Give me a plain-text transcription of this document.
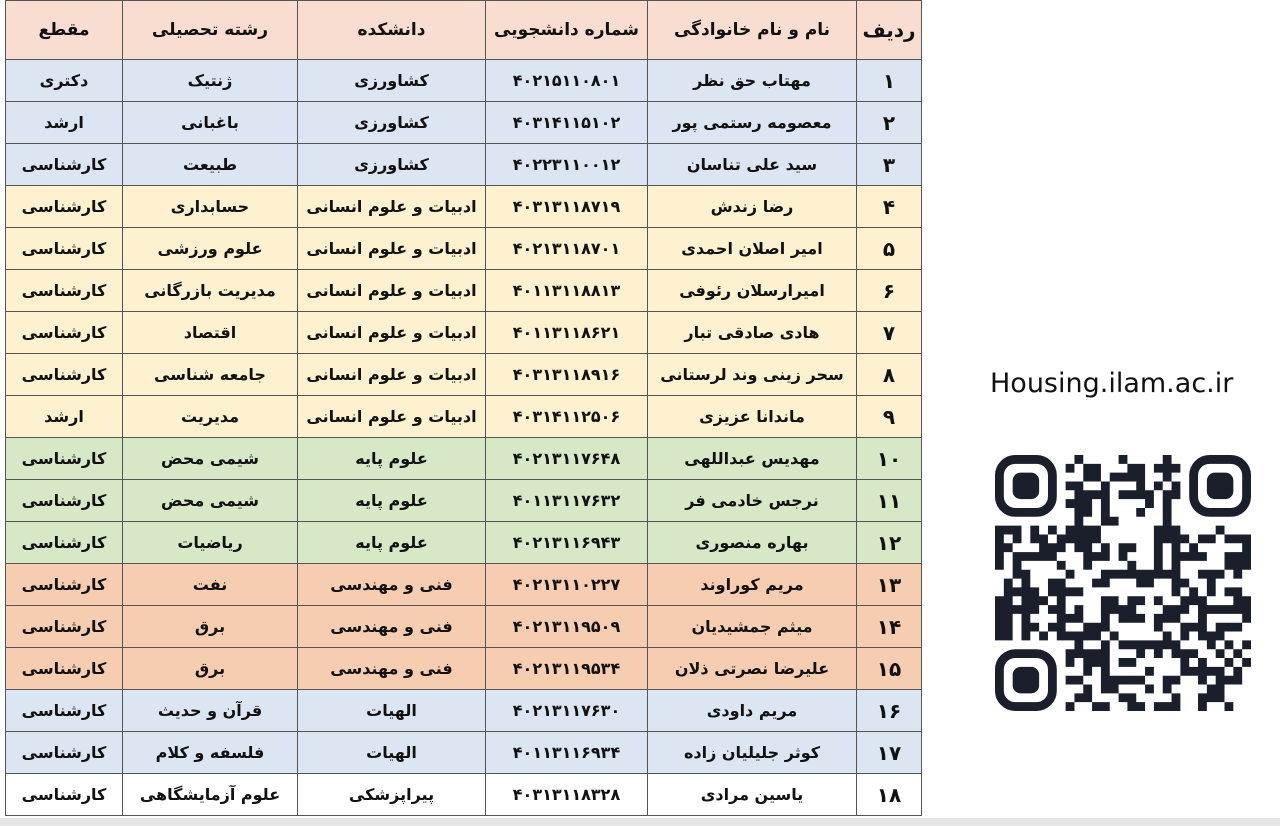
ردیف	نام و نام خانوادگی	شماره دانشجویی	دانشکده	رشته تحصیلی	مقطع
۱	مهتاب حق نظر	۴۰۲۱۵۱۱۰۸۰۱	کشاورزی	ژنتیک	دکتری
۲	معصومه رستمی پور	۴۰۳۱۴۱۱۵۱۰۲	کشاورزی	باغبانی	ارشد
۳	سید علی تناسان	۴۰۲۲۳۱۱۰۰۱۲	کشاورزی	طبیعت	کارشناسی
۴	رضا زندش	۴۰۳۱۳۱۱۸۷۱۹	ادبیات و علوم انسانی	حسابداری	کارشناسی
۵	امیر اصلان احمدی	۴۰۲۱۳۱۱۸۷۰۱	ادبیات و علوم انسانی	علوم ورزشی	کارشناسی
۶	امیرارسلان رئوفی	۴۰۱۱۳۱۱۸۸۱۳	ادبیات و علوم انسانی	مدیریت بازرگانی	کارشناسی
۷	هادی صادقی تبار	۴۰۱۱۳۱۱۸۶۲۱	ادبیات و علوم انسانی	اقتصاد	کارشناسی
۸	سحر زینی وند لرستانی	۴۰۳۱۳۱۱۸۹۱۶	ادبیات و علوم انسانی	جامعه شناسی	کارشناسی
۹	ماندانا عزیزی	۴۰۳۱۴۱۱۲۵۰۶	ادبیات و علوم انسانی	مدیریت	ارشد
۱۰	مهدیس عبداللهی	۴۰۲۱۳۱۱۷۶۴۸	علوم پایه	شیمی محض	کارشناسی
۱۱	نرجس خادمی فر	۴۰۱۱۳۱۱۷۶۳۲	علوم پایه	شیمی محض	کارشناسی
۱۲	بهاره منصوری	۴۰۲۱۳۱۱۶۹۴۳	علوم پایه	ریاضیات	کارشناسی
۱۳	مریم کوراوند	۴۰۲۱۳۱۱۰۲۲۷	فنی و مهندسی	نفت	کارشناسی
۱۴	میثم جمشیدیان	۴۰۲۱۳۱۱۹۵۰۹	فنی و مهندسی	برق	کارشناسی
۱۵	علیرضا نصرتی ذلان	۴۰۲۱۳۱۱۹۵۳۴	فنی و مهندسی	برق	کارشناسی
۱۶	مریم داودی	۴۰۲۱۳۱۱۷۶۳۰	الهیات	قرآن و حدیث	کارشناسی
۱۷	کوثر جلیلیان زاده	۴۰۱۱۳۱۱۶۹۳۴	الهیات	فلسفه و کلام	کارشناسی
۱۸	یاسین مرادی	۴۰۳۱۳۱۱۸۳۲۸	پیراپزشکی	علوم آزمایشگاهی	کارشناسی
Housing.ilam.ac.ir
